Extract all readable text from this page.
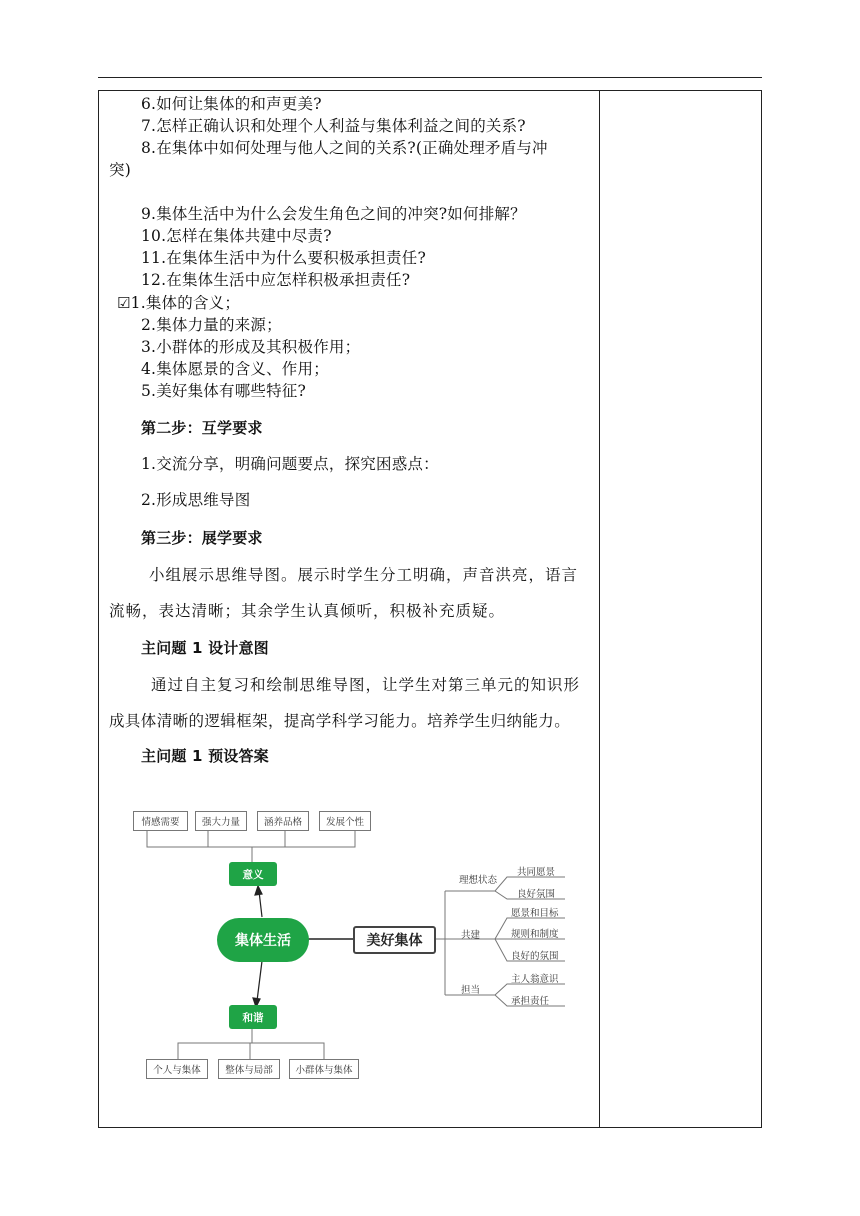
6.如何让集体的和声更美?
7.怎样正确认识和处理个人利益与集体利益之间的关系?
8.在集体中如何处理与他人之间的关系?(正确处理矛盾与冲
突)
9.集体生活中为什么会发生角色之间的冲突?如何排解？
10.怎样在集体共建中尽责?
11.在集体生活中为什么要积极承担责任?
12.在集体生活中应怎样积极承担责任?
☑1.集体的含义；
2.集体力量的来源；
3.小群体的形成及其积极作用；
4.集体愿景的含义、作用；
5.美好集体有哪些特征?
第二步：互学要求
1.交流分享，明确问题要点，探究困惑点：
2.形成思维导图
第三步：展学要求
小组展示思维导图。展示时学生分工明确，声音洪亮，语言
流畅，表达清晰；其余学生认真倾听，积极补充质疑。
主问题 1 设计意图
通过自主复习和绘制思维导图，让学生对第三单元的知识形
成具体清晰的逻辑框架，提高学科学习能力。培养学生归纳能力。
主问题 1 预设答案
情感需要	强大力量	涵养品格	发展个性
意义
集体生活	美好集体
和谐
个人与集体	整体与局部	小群体与集体
理想状态
共建
担当
共同愿景
良好氛围
愿景和目标
规则和制度
良好的氛围
主人翁意识
承担责任
